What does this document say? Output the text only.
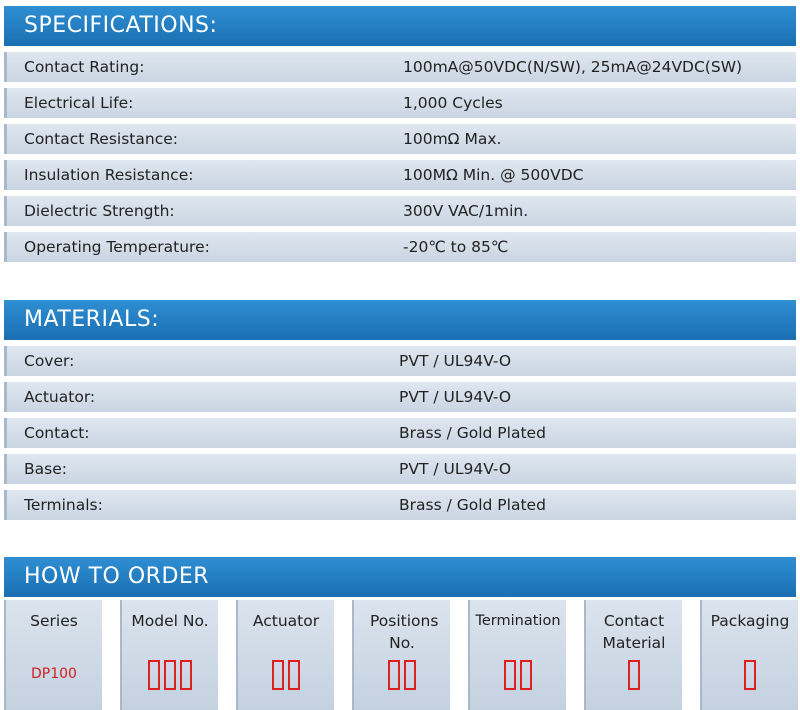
SPECIFICATIONS:
Contact Rating:	100mA@50VDC(N/SW), 25mA@24VDC(SW)
Electrical Life:	1,000 Cycles
Contact Resistance:	100mΩ Max.
Insulation Resistance:	100MΩ Min. @ 500VDC
Dielectric Strength:	300V VAC/1min.
Operating Temperature:	-20℃ to 85℃
MATERIALS:
Cover:	PVT / UL94V-O
Actuator:	PVT / UL94V-O
Contact:	Brass / Gold Plated
Base:	PVT / UL94V-O
Terminals:	Brass / Gold Plated
HOW TO ORDER
Series
DP100
Model No.	Actuator	Positions No.
Termination	Contact Material
Packaging
